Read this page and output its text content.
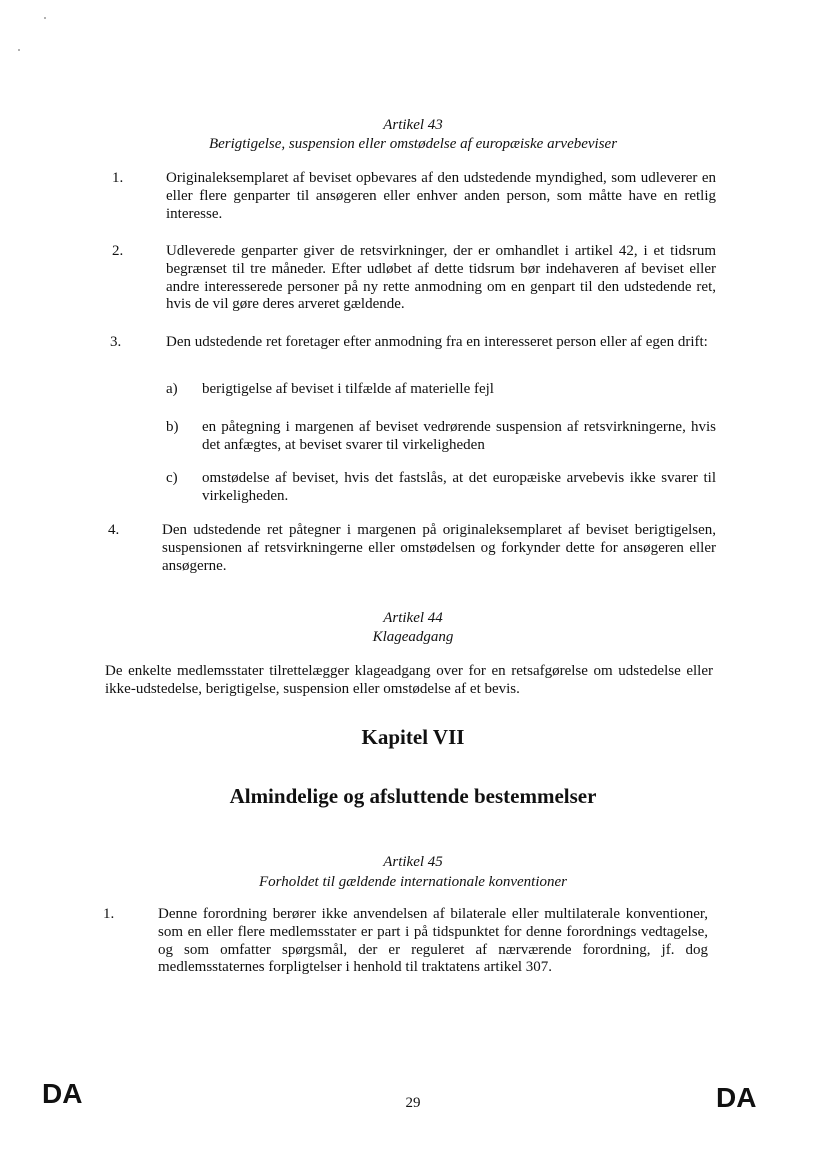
Artikel 43
Berigtigelse, suspension eller omstødelse af europæiske arvebeviser
1.	Originaleksemplaret af beviset opbevares af den udstedende myndighed, som udleverer en eller flere genparter til ansøgeren eller enhver anden person, som måtte have en retlig interesse.
2.	Udleverede genparter giver de retsvirkninger, der er omhandlet i artikel 42, i et tidsrum begrænset til tre måneder. Efter udløbet af dette tidsrum bør indehaveren af beviset eller andre interesserede personer på ny rette anmodning om en genpart til den udstedende ret, hvis de vil gøre deres arveret gældende.
3.	Den udstedende ret foretager efter anmodning fra en interesseret person eller af egen drift:
a) berigtigelse af beviset i tilfælde af materielle fejl
b) en påtegning i margenen af beviset vedrørende suspension af retsvirkningerne, hvis det anfægtes, at beviset svarer til virkeligheden
c) omstødelse af beviset, hvis det fastslås, at det europæiske arvebevis ikke svarer til virkeligheden.
4.	Den udstedende ret påtegner i margenen på originaleksemplaret af beviset berigtigelsen, suspensionen af retsvirkningerne eller omstødelsen og forkynder dette for ansøgeren eller ansøgerne.
Artikel 44
Klageadgang
De enkelte medlemsstater tilrettelægger klageadgang over for en retsafgørelse om udstedelse eller ikke-udstedelse, berigtigelse, suspension eller omstødelse af et bevis.
Kapitel VII
Almindelige og afsluttende bestemmelser
Artikel 45
Forholdet til gældende internationale konventioner
1.	Denne forordning berører ikke anvendelsen af bilaterale eller multilaterale konventioner, som en eller flere medlemsstater er part i på tidspunktet for denne forordnings vedtagelse, og som omfatter spørgsmål, der er reguleret af nærværende forordning, jf. dog medlemsstaternes forpligtelser i henhold til traktatens artikel 307.
DA	29	DA
